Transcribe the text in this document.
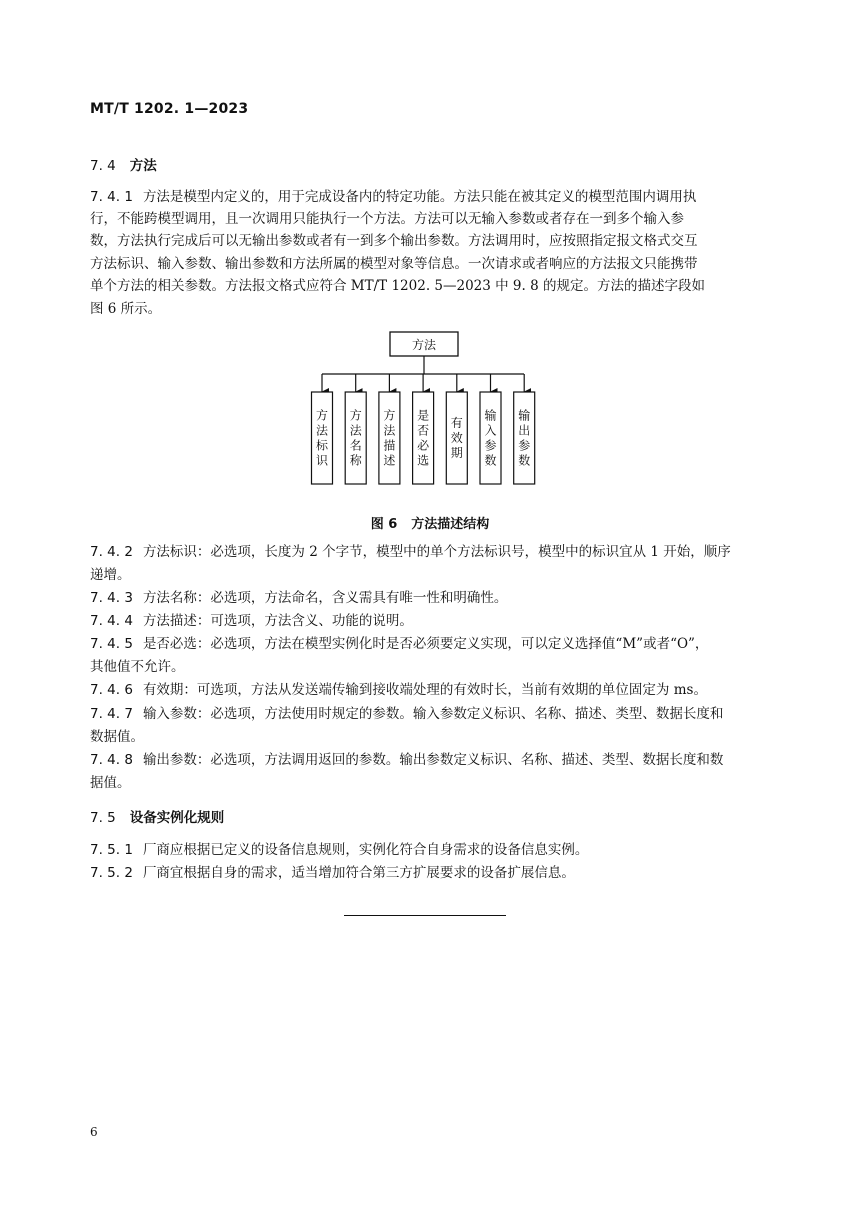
MT/T 1202. 1—2023
7. 4 方法
7. 4. 1 方法是模型内定义的，用于完成设备内的特定功能。方法只能在被其定义的模型范围内调用执
行，不能跨模型调用，且一次调用只能执行一个方法。方法可以无输入参数或者存在一到多个输入参
数，方法执行完成后可以无输出参数或者有一到多个输出参数。方法调用时，应按照指定报文格式交互
方法标识、输入参数、输出参数和方法所属的模型对象等信息。一次请求或者响应的方法报文只能携带
单个方法的相关参数。方法报文格式应符合 MT/T 1202. 5—2023 中 9. 8 的规定。方法的描述字段如
图 6 所示。
方法
方法标识
方法名称
方法描述
是否必选
有效期
输入参数
输出参数
图 6 方法描述结构
7. 4. 2 方法标识：必选项，长度为 2 个字节，模型中的单个方法标识号，模型中的标识宜从 1 开始，顺序
递增。
7. 4. 3 方法名称：必选项，方法命名，含义需具有唯一性和明确性。
7. 4. 4 方法描述：可选项，方法含义、功能的说明。
7. 4. 5 是否必选：必选项，方法在模型实例化时是否必须要定义实现，可以定义选择值“M”或者“O”，
其他值不允许。
7. 4. 6 有效期：可选项，方法从发送端传输到接收端处理的有效时长，当前有效期的单位固定为 ms。
7. 4. 7 输入参数：必选项，方法使用时规定的参数。输入参数定义标识、名称、描述、类型、数据长度和
数据值。
7. 4. 8 输出参数：必选项，方法调用返回的参数。输出参数定义标识、名称、描述、类型、数据长度和数
据值。
7. 5 设备实例化规则
7. 5. 1 厂商应根据已定义的设备信息规则，实例化符合自身需求的设备信息实例。
7. 5. 2 厂商宜根据自身的需求，适当增加符合第三方扩展要求的设备扩展信息。
6
